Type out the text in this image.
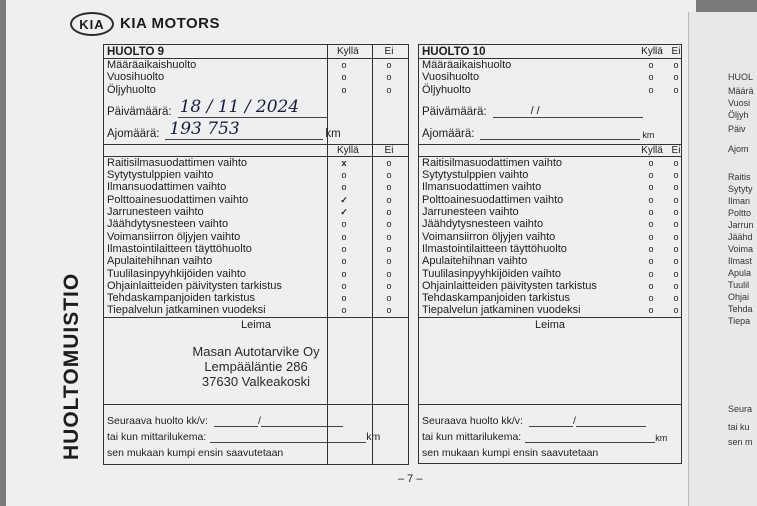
KIA KIA MOTORS
HUOLTOMUISTIO
HUOLTO 9	Kyllä	Ei
Määräaikaishuolto	o	o
Vuosihuolto	o	o
Öljyhuolto	o	o
Päivämäärä: 18 / 11 / 2024
Ajomäärä: 193 753	km
Kyllä	Ei
Raitisilmasuodattimen vaihto	x	o
Sytytystulppien vaihto	o	o
Ilmansuodattimen vaihto	o	o
Polttoainesuodattimen vaihto	✓	o
Jarrunesteen vaihto	✓	o
Jäähdytysnesteen vaihto	o	o
Voimansiirron öljyjen vaihto	o	o
Ilmastointilaitteen täyttöhuolto	o	o
Apulaitehihnan vaihto	o	o
Tuulilasinpyyhkijöiden vaihto	o	o
Ohjainlaitteiden päivitysten tarkistus	o	o
Tehdaskampanjoiden tarkistus	o	o
Tiepalvelun jatkaminen vuodeksi	o	o
Leima
Masan Autotarvike Oy
Lempääläntie 286
37630 Valkeakoski
Seuraava huolto kk/v:	/
tai kun mittarilukema:	km
sen mukaan kumpi ensin saavutetaan
HUOLTO 10	Kyllä Ei
Määräaikaishuolto	o	o
Vuosihuolto	o	o
Öljyhuolto	o	o
Päivämäärä:	/ /
Ajomäärä:	km
Kyllä Ei
Raitisilmasuodattimen vaihto	o	o
Sytytystulppien vaihto	o	o
Ilmansuodattimen vaihto	o	o
Polttoainesuodattimen vaihto	o	o
Jarrunesteen vaihto	o	o
Jäähdytysnesteen vaihto	o	o
Voimansiirron öljyjen vaihto	o	o
Ilmastointilaitteen täyttöhuolto	o	o
Apulaitehihnan vaihto	o	o
Tuulilasinpyyhkijöiden vaihto	o	o
Ohjainlaitteiden päivitysten tarkistus	o	o
Tehdaskampanjoiden tarkistus	o	o
Tiepalvelun jatkaminen vuodeksi	o	o
Leima
Seuraava huolto kk/v:	/
tai kun mittarilukema:	km
sen mukaan kumpi ensin saavutetaan
– 7 –
HUOL
Määrä
Vuosi
Öljyh
Päiv
Ajom
Raitis
Sytyty
Ilman
Poltto
Jarrun
Jäähd
Voima
Ilmast
Apula
Tuulil
Ohjai
Tehda
Tiepa
Seura
tai ku
sen m
